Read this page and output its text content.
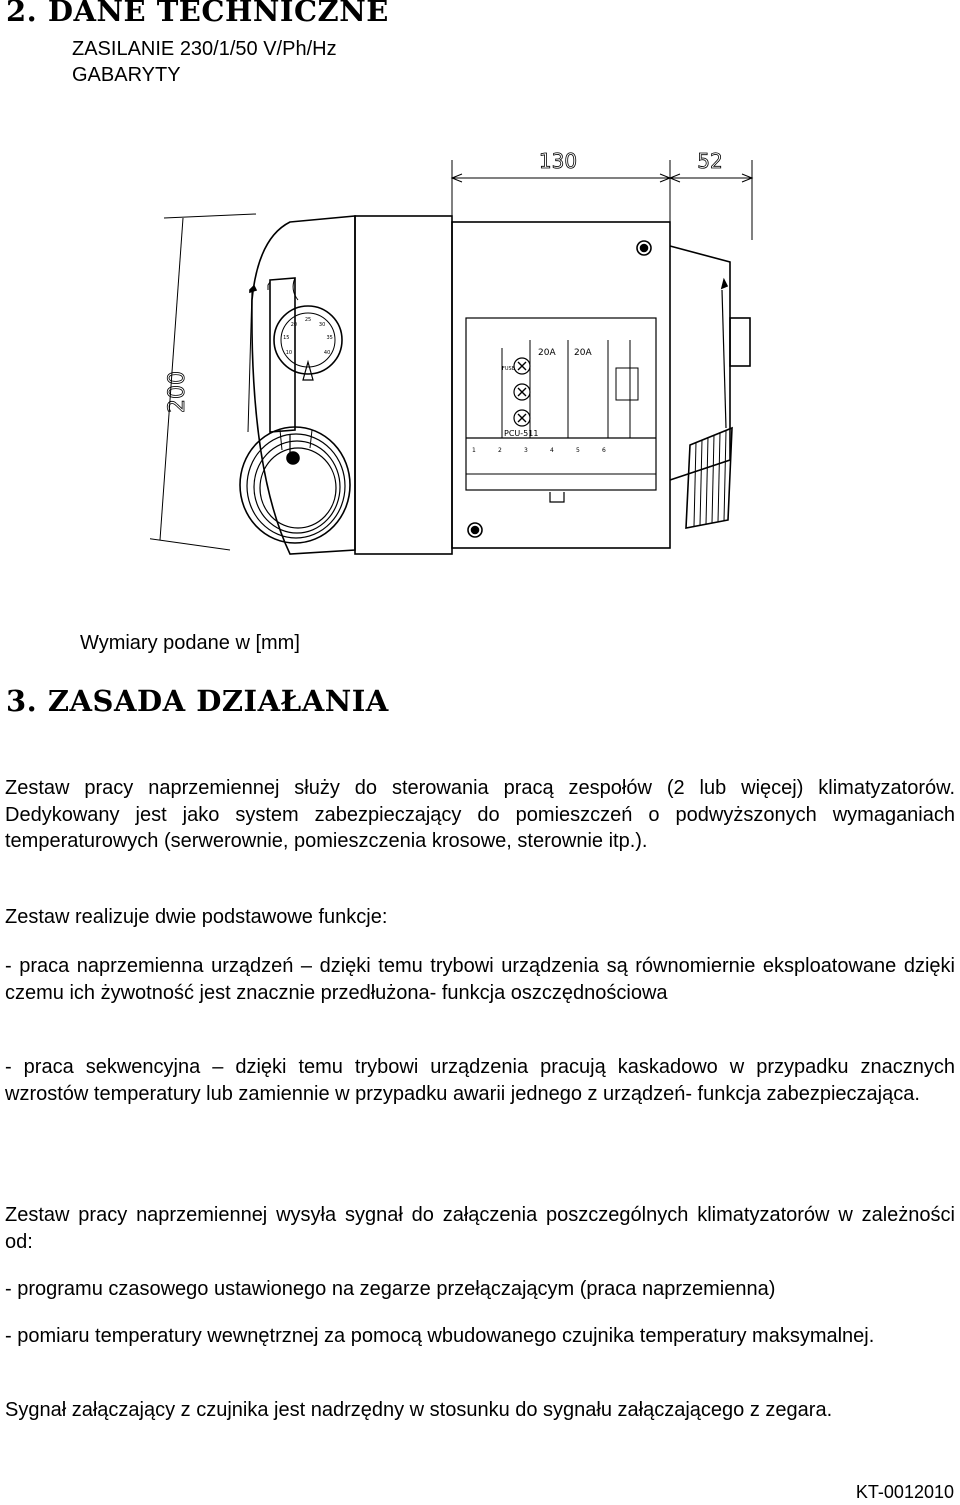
2. DANE TECHNICZNE

ZASILANIE 230/1/50 V/Ph/Hz

GABARYTY

130	52
200
20A 20A
PCU-511
FUSE
1	2	3	4	5	6
10
15
20
25
30
35
40

Wymiary podane w [mm]

3. ZASADA DZIAŁANIA

Zestaw pracy naprzemiennej służy do sterowania pracą zespołów (2 lub więcej) klimatyzatorów. Dedykowany jest jako system zabezpieczający do pomieszczeń o podwyższonych wymaganiach temperaturowych (serwerownie, pomieszczenia krosowe, sterownie itp.).

Zestaw realizuje dwie podstawowe funkcje:

- praca naprzemienna urządzeń – dzięki temu trybowi urządzenia są równomiernie eksploatowane dzięki czemu ich żywotność jest znacznie przedłużona- funkcja oszczędnościowa

- praca sekwencyjna – dzięki temu trybowi urządzenia pracują kaskadowo w przypadku znacznych wzrostów temperatury lub zamiennie w przypadku awarii jednego z urządzeń- funkcja zabezpieczająca.

Zestaw pracy naprzemiennej wysyła sygnał do załączenia poszczególnych klimatyzatorów w zależności od:

- programu czasowego ustawionego na zegarze przełączającym (praca naprzemienna)

- pomiaru temperatury wewnętrznej za pomocą wbudowanego czujnika temperatury maksymalnej.

Sygnał załączający z czujnika jest nadrzędny w stosunku do sygnału załączającego z zegara.

KT-0012010
